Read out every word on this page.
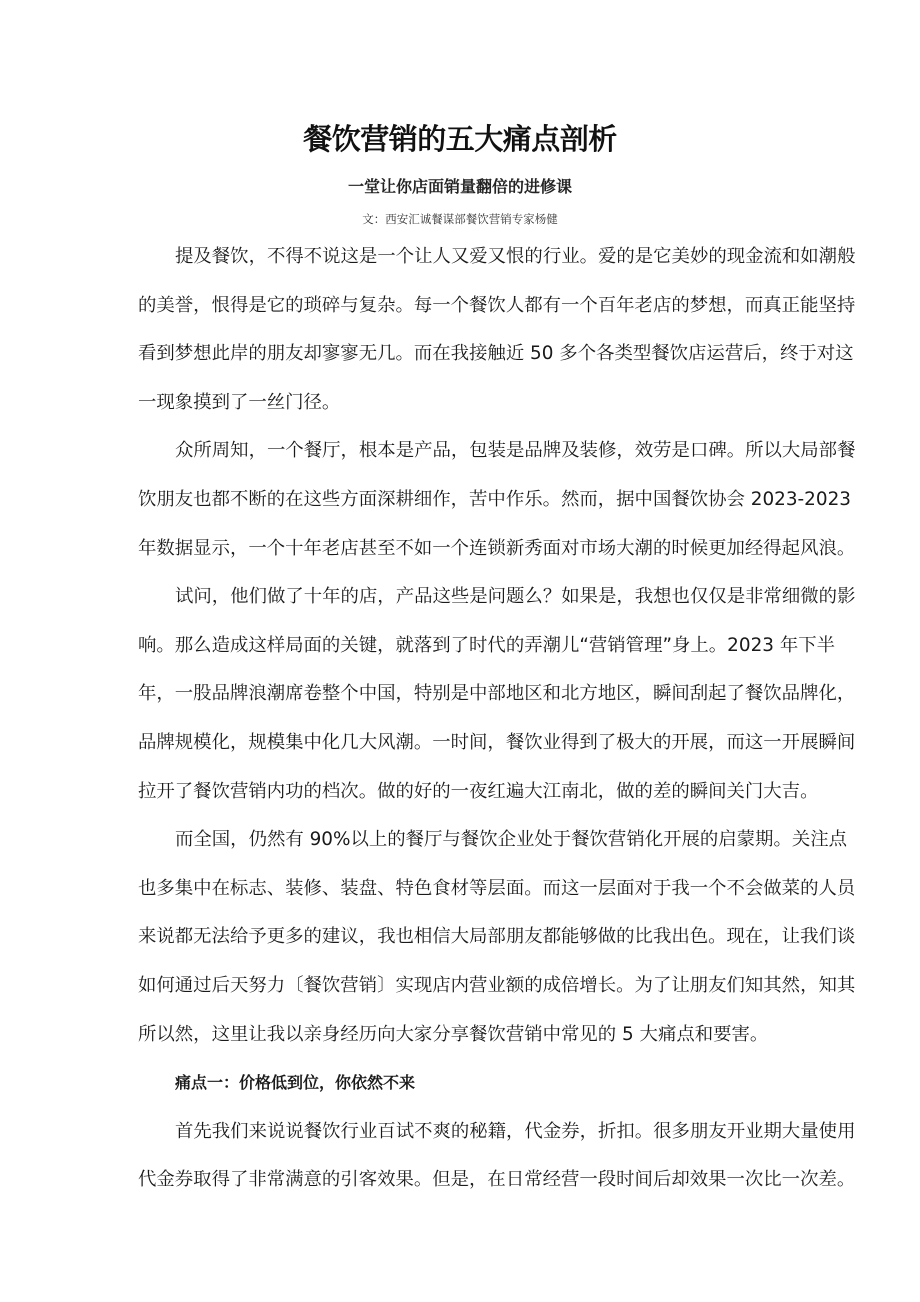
餐饮营销的五大痛点剖析
一堂让你店面销量翻倍的进修课
文：西安汇诚餐谋部餐饮营销专家杨健
提及餐饮，不得不说这是一个让人又爱又恨的行业。爱的是它美妙的现金流和如潮般
的美誉，恨得是它的琐碎与复杂。每一个餐饮人都有一个百年老店的梦想，而真正能坚持
看到梦想此岸的朋友却寥寥无几。而在我接触近 50 多个各类型餐饮店运营后，终于对这
一现象摸到了一丝门径。
众所周知，一个餐厅，根本是产品，包装是品牌及装修，效劳是口碑。所以大局部餐
饮朋友也都不断的在这些方面深耕细作，苦中作乐。然而，据中国餐饮协会 2023-2023
年数据显示，一个十年老店甚至不如一个连锁新秀面对市场大潮的时候更加经得起风浪。
试问，他们做了十年的店，产品这些是问题么？如果是，我想也仅仅是非常细微的影
响。那么造成这样局面的关键，就落到了时代的弄潮儿“营销管理”身上。2023 年下半
年，一股品牌浪潮席卷整个中国，特别是中部地区和北方地区，瞬间刮起了餐饮品牌化，
品牌规模化，规模集中化几大风潮。一时间，餐饮业得到了极大的开展，而这一开展瞬间
拉开了餐饮营销内功的档次。做的好的一夜红遍大江南北，做的差的瞬间关门大吉。
而全国，仍然有 90%以上的餐厅与餐饮企业处于餐饮营销化开展的启蒙期。关注点
也多集中在标志、装修、装盘、特色食材等层面。而这一层面对于我一个不会做菜的人员
来说都无法给予更多的建议，我也相信大局部朋友都能够做的比我出色。现在，让我们谈
如何通过后天努力〔餐饮营销〕实现店内营业额的成倍增长。为了让朋友们知其然，知其
所以然，这里让我以亲身经历向大家分享餐饮营销中常见的 5 大痛点和要害。
痛点一：价格低到位，你依然不来
首先我们来说说餐饮行业百试不爽的秘籍，代金券，折扣。很多朋友开业期大量使用
代金券取得了非常满意的引客效果。但是，在日常经营一段时间后却效果一次比一次差。
